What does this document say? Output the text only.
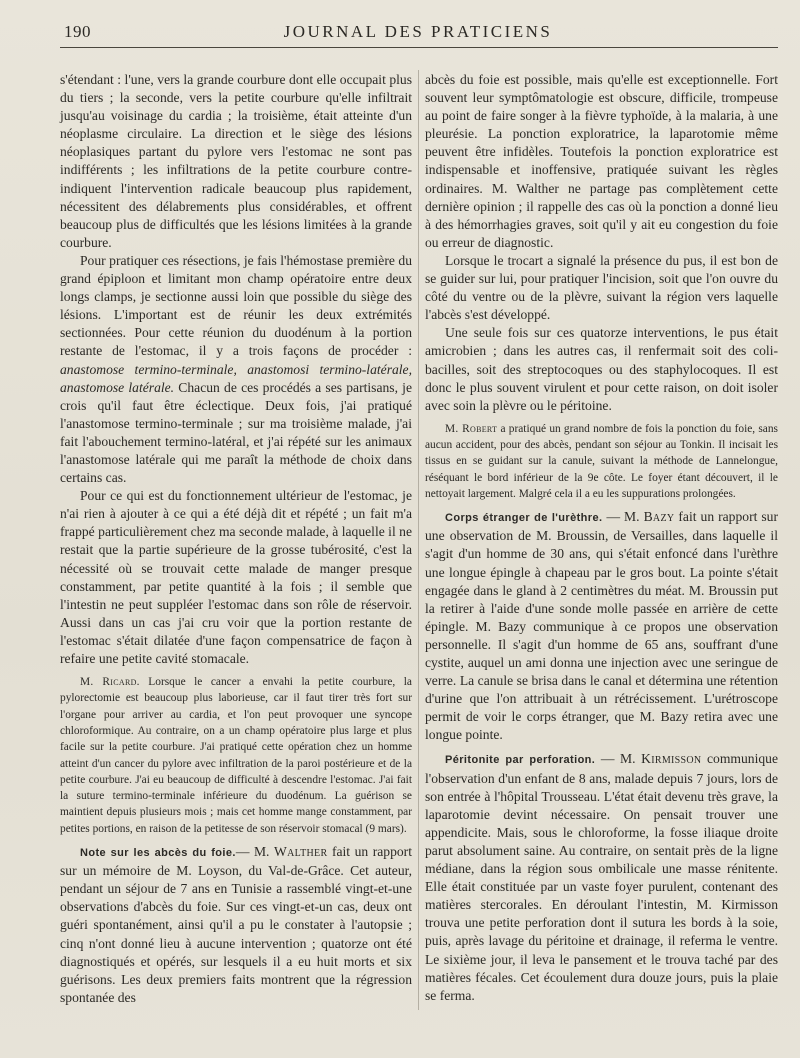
190	JOURNAL DES PRATICIENS

s'étendant : l'une, vers la grande courbure dont elle occupait plus du tiers ; la seconde, vers la petite courbure qu'elle infiltrait jusqu'au voisinage du cardia ; la troisième, était atteinte d'un néoplasme circulaire. La direction et le siège des lésions néoplasiques partant du pylore vers l'estomac ne sont pas indifférents ; les infiltrations de la petite courbure contre-indiquent l'intervention radicale beaucoup plus rapidement, nécessitent des délabrements plus considérables, et offrent beaucoup plus de difficultés que les lésions limitées à la grande courbure.

Pour pratiquer ces résections, je fais l'hémostase première du grand épiploon et limitant mon champ opératoire entre deux longs clamps, je sectionne aussi loin que possible du siège des lésions. L'important est de réunir les deux extrémités sectionnées. Pour cette réunion du duodénum à la portion restante de l'estomac, il y a trois façons de procéder : anastomose termino-terminale, anastomosi termino-latérale, anastomose latérale. Chacun de ces procédés a ses partisans, je crois qu'il faut être éclectique. Deux fois, j'ai pratiqué l'anastomose termino-terminale ; sur ma troisième malade, j'ai fait l'abouchement termino-latéral, et j'ai répété sur les animaux l'anastomose latérale qui me paraît la méthode de choix dans certains cas.

Pour ce qui est du fonctionnement ultérieur de l'estomac, je n'ai rien à ajouter à ce qui a été déjà dit et répété ; un fait m'a frappé particulièrement chez ma seconde malade, à laquelle il ne restait que la partie supérieure de la grosse tubérosité, c'est la nécessité où se trouvait cette malade de manger presque constamment, par petite quantité à la fois ; il semble que l'intestin ne peut suppléer l'estomac dans son rôle de réservoir. Aussi dans un cas j'ai cru voir que la portion restante de l'estomac s'était dilatée d'une façon compensatrice de façon à refaire une petite cavité stomacale.

M. Ricard. Lorsque le cancer a envahi la petite courbure, la pylorectomie est beaucoup plus laborieuse, car il faut tirer très fort sur l'organe pour arriver au cardia, et l'on peut provoquer une syncope chloroformique. Au contraire, on a un champ opératoire plus large et plus facile sur la petite courbure. J'ai pratiqué cette opération chez un homme atteint d'un cancer du pylore avec infiltration de la paroi postérieure et de la petite courbure. J'ai eu beaucoup de difficulté à descendre l'estomac. J'ai fait la suture termino-terminale inférieure du duodénum. La guérison se maintient depuis plusieurs mois ; mais cet homme mange constamment, par petites portions, en raison de la petitesse de son réservoir stomacal (9 mars).

Note sur les abcès du foie.— M. Walther fait un rapport sur un mémoire de M. Loyson, du Val-de-Grâce. Cet auteur, pendant un séjour de 7 ans en Tunisie a rassemblé vingt-et-une observations d'abcès du foie. Sur ces vingt-et-un cas, deux ont guéri spontanément, ainsi qu'il a pu le constater à l'autopsie ; cinq n'ont donné lieu à aucune intervention ; quatorze ont été diagnostiqués et opérés, sur lesquels il a eu huit morts et six guérisons. Les deux premiers faits montrent que la régression spontanée des

abcès du foie est possible, mais qu'elle est exceptionnelle. Fort souvent leur symptômatologie est obscure, difficile, trompeuse au point de faire songer à la fièvre typhoïde, à la malaria, à une pleurésie. La ponction exploratrice, la laparotomie même peuvent être infidèles. Toutefois la ponction exploratrice est indispensable et inoffensive, pratiquée suivant les règles ordinaires. M. Walther ne partage pas complètement cette dernière opinion ; il rappelle des cas où la ponction a donné lieu à des hémorrhagies graves, soit qu'il y ait eu congestion du foie ou erreur de diagnostic.

Lorsque le trocart a signalé la présence du pus, il est bon de se guider sur lui, pour pratiquer l'incision, soit que l'on ouvre du côté du ventre ou de la plèvre, suivant la région vers laquelle l'abcès s'est développé.

Une seule fois sur ces quatorze interventions, le pus était amicrobien ; dans les autres cas, il renfermait soit des coli-bacilles, soit des streptocoques ou des staphylocoques. Il est donc le plus souvent virulent et pour cette raison, on doit isoler avec soin la plèvre ou le péritoine.

M. Robert a pratiqué un grand nombre de fois la ponction du foie, sans aucun accident, pour des abcès, pendant son séjour au Tonkin. Il incisait les tissus en se guidant sur la canule, suivant la méthode de Lannelongue, réséquant le bord inférieur de la 9e côte. Le foyer étant découvert, il le nettoyait largement. Malgré cela il a eu les suppurations prolongées.

Corps étranger de l'urèthre. — M. Bazy fait un rapport sur une observation de M. Broussin, de Versailles, dans laquelle il s'agit d'un homme de 30 ans, qui s'était enfoncé dans l'urèthre une longue épingle à chapeau par le gros bout. La pointe s'était engagée dans le gland à 2 centimètres du méat. M. Broussin put la retirer à l'aide d'une sonde molle passée en arrière de cette épingle. M. Bazy communique à ce propos une observation personnelle. Il s'agit d'un homme de 65 ans, souffrant d'une cystite, auquel un ami donna une injection avec une seringue de verre. La canule se brisa dans le canal et détermina une rétention d'urine que l'on attribuait à un rétrécissement. L'urétroscope permit de voir le corps étranger, que M. Bazy retira avec une longue pointe.

Péritonite par perforation. — M. Kirmisson communique l'observation d'un enfant de 8 ans, malade depuis 7 jours, lors de son entrée à l'hôpital Trousseau. L'état était devenu très grave, la laparotomie devint nécessaire. On pensait trouver une appendicite. Mais, sous le chloroforme, la fosse iliaque droite parut absolument saine. Au contraire, on sentait près de la ligne médiane, dans la région sous ombilicale une masse rénitente. Elle était constituée par un vaste foyer purulent, contenant des matières stercorales. En déroulant l'intestin, M. Kirmisson trouva une petite perforation dont il sutura les bords à la soie, puis, après lavage du péritoine et drainage, il referma le ventre. Le sixième jour, il leva le pansement et le trouva taché par des matières fécales. Cet écoulement dura douze jours, puis la plaie se ferma.
